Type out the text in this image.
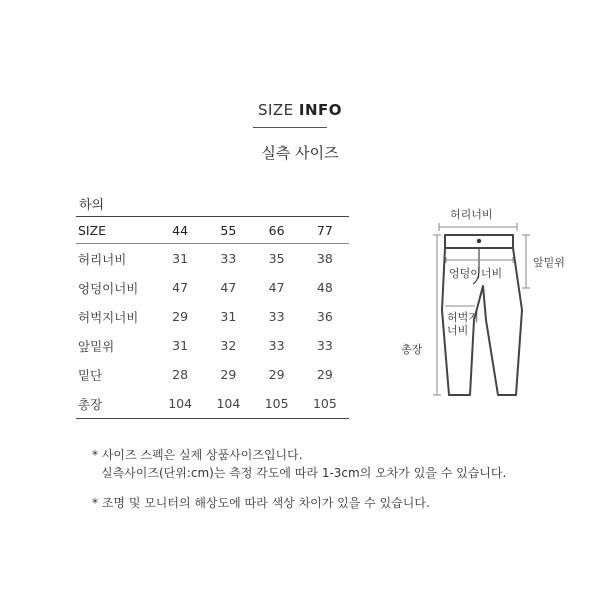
SIZE INFO
실측 사이즈
하의
SIZE	44	55	66	77
허리너비	31	33	35	38
엉덩이너비	47	47	47	48
허벅지너비	29	31	33	36
앞밑위	31	32	33	33
밑단	28	29	29	29
총장	104	104	105	105
허리너비
앞밑위
엉덩이너비
허벅지
너비
총장
* 사이즈 스펙은 실제 상품사이즈입니다.
실측사이즈(단위:cm)는 측정 각도에 따라 1-3cm의 오차가 있을 수 있습니다.
* 조명 및 모니터의 해상도에 따라 색상 차이가 있을 수 있습니다.
